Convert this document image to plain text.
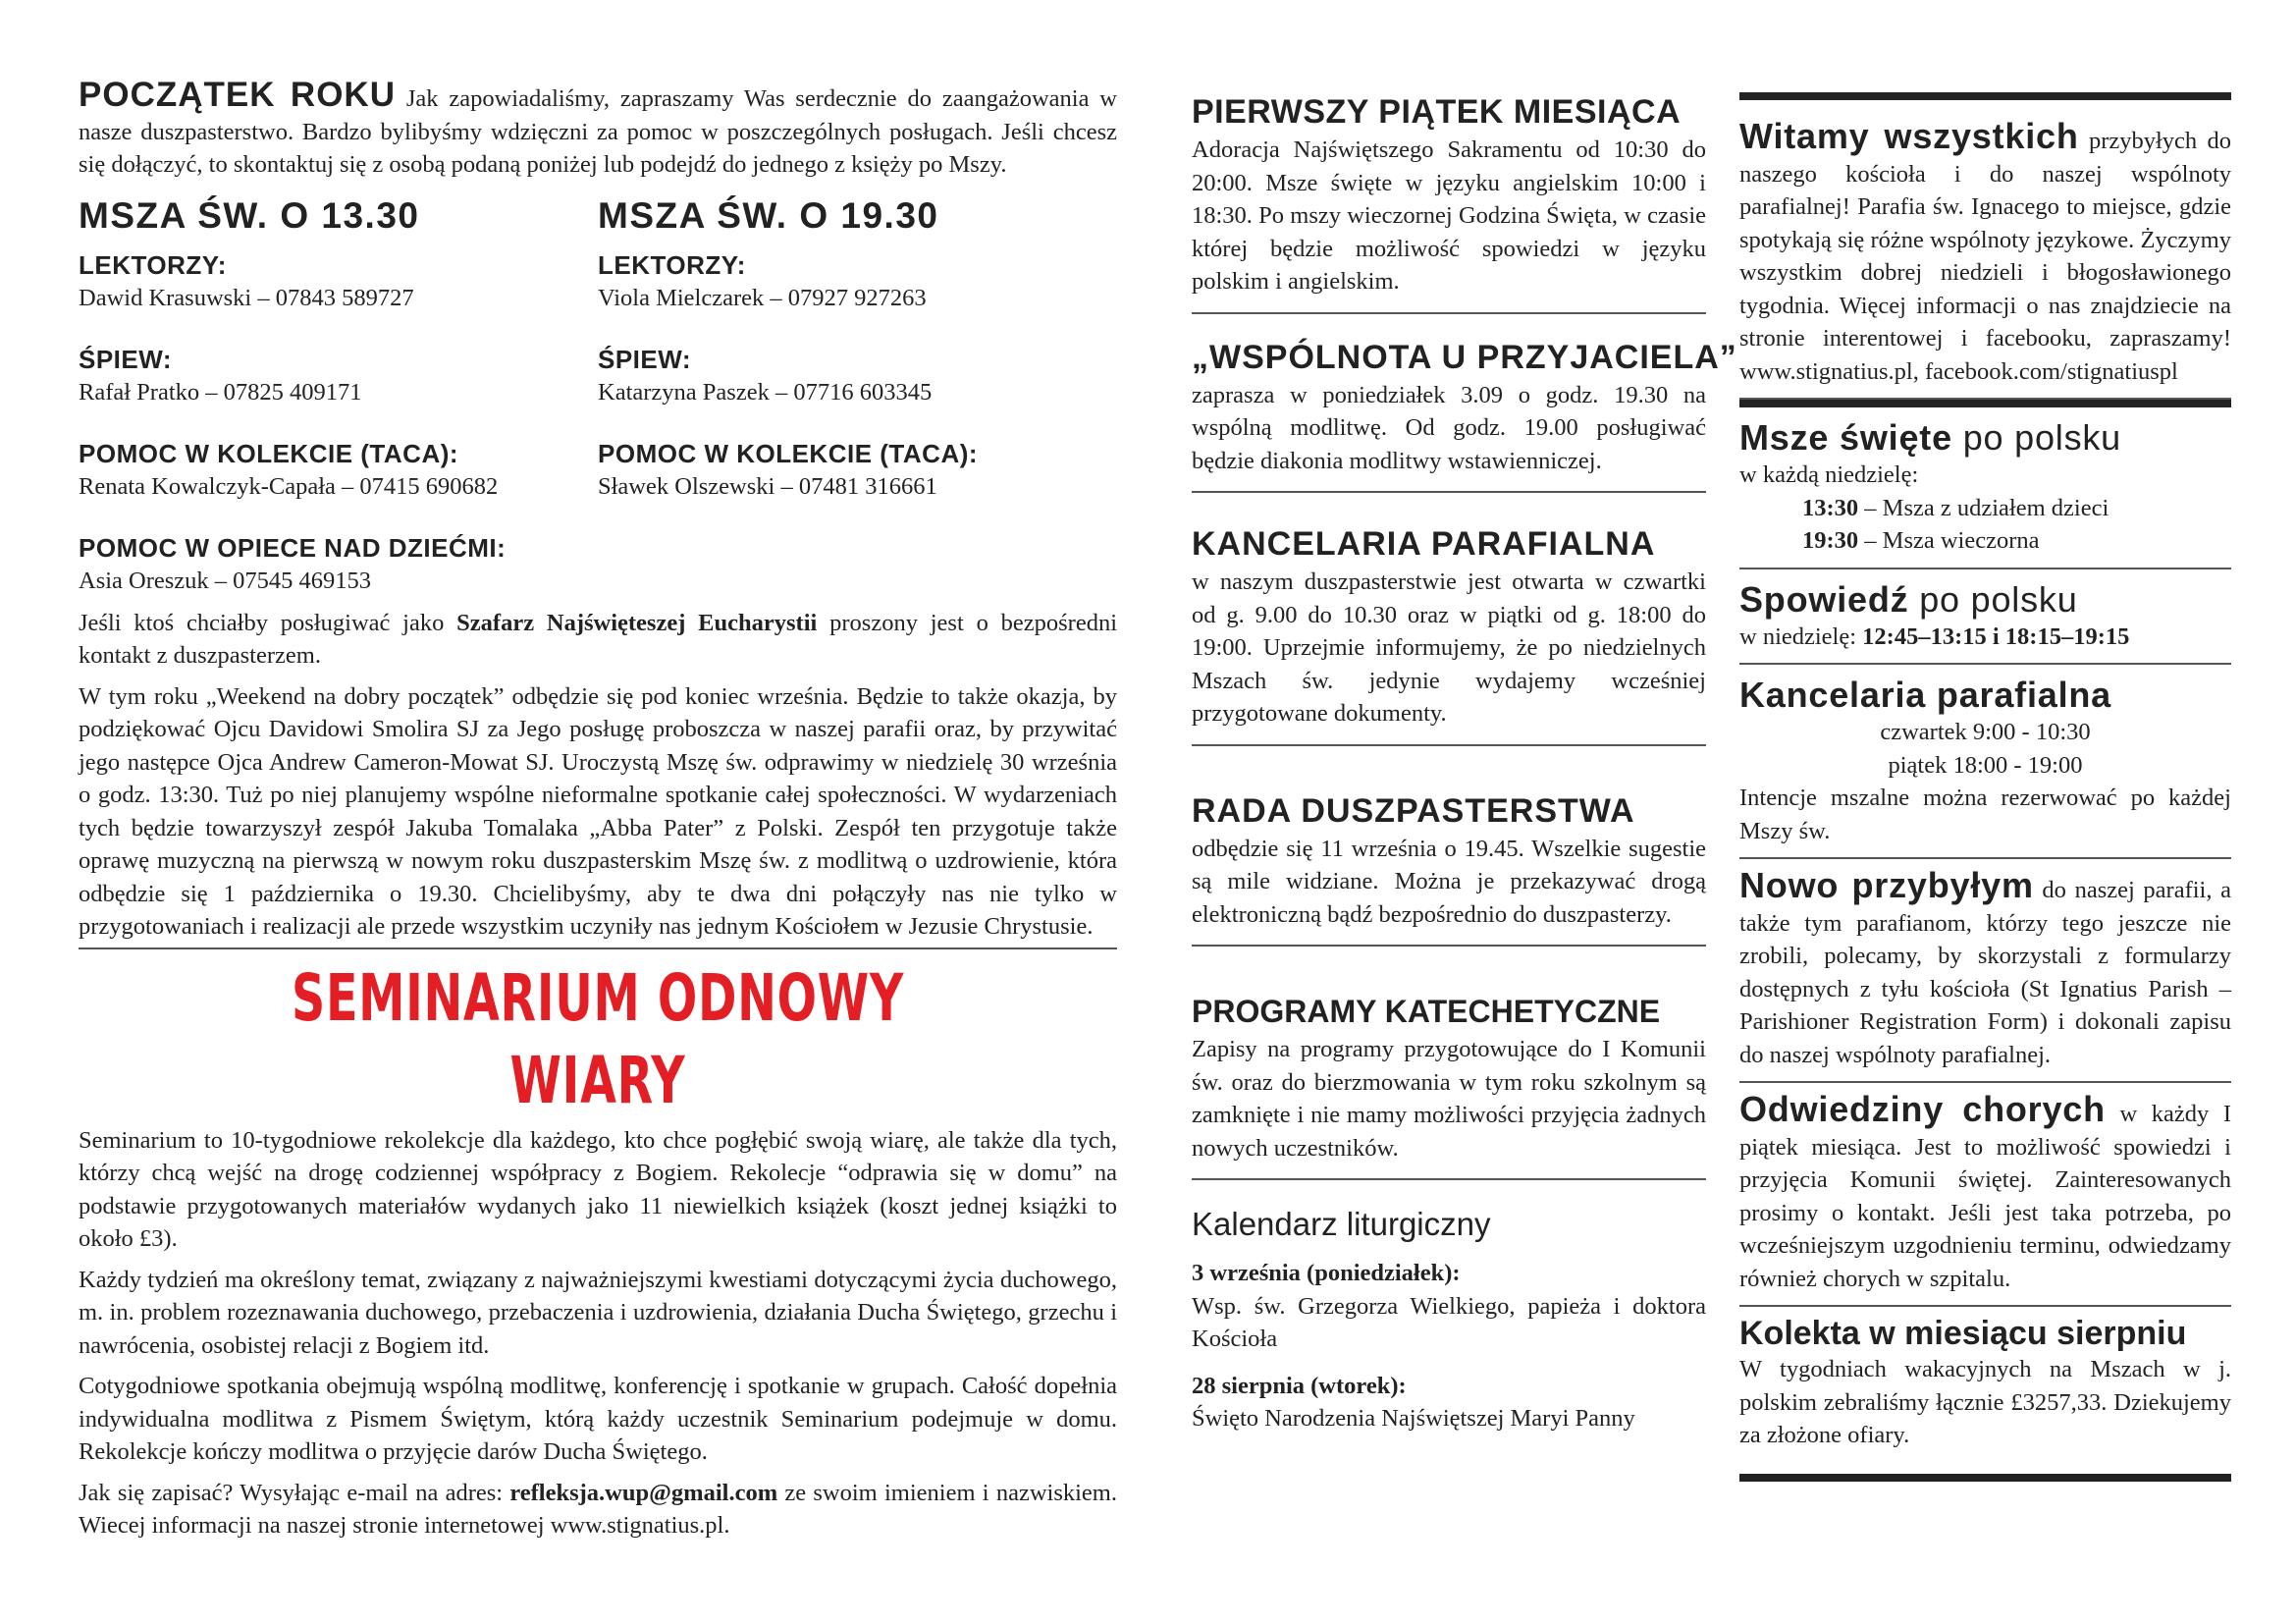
POCZĄTEK ROKU Jak zapowiadaliśmy, zapraszamy Was serdecznie do zaangażowania w nasze duszpasterstwo. Bardzo bylibyśmy wdzięczni za pomoc w poszczególnych posługach. Jeśli chcesz się dołączyć, to skontaktuj się z osobą podaną poniżej lub podejdź do jednego z księży po Mszy.

MSZA ŚW. O 13.30
LEKTORZY:
Dawid Krasuwski – 07843 589727
ŚPIEW:
Rafał Pratko – 07825 409171
POMOC W KOLEKCIE (TACA):
Renata Kowalczyk-Capała – 07415 690682
POMOC W OPIECE NAD DZIEĆMI:
Asia Oreszuk – 07545 469153
MSZA ŚW. O 19.30
LEKTORZY:
Viola Mielczarek – 07927 927263
ŚPIEW:
Katarzyna Paszek – 07716 603345
POMOC W KOLEKCIE (TACA):
Sławek Olszewski – 07481 316661

Jeśli ktoś chciałby posługiwać jako Szafarz Najświęteszej Eucharystii proszony jest o bezpośredni kontakt z duszpasterzem.

W tym roku „Weekend na dobry początek” odbędzie się pod koniec września. Będzie to także okazja, by podziękować Ojcu Davidowi Smolira SJ za Jego posługę proboszcza w naszej parafii oraz, by przywitać jego następce Ojca Andrew Cameron-Mowat SJ. Uroczystą Mszę św. odprawimy w niedzielę 30 września o godz. 13:30. Tuż po niej planujemy wspólne nieformalne spotkanie całej społeczności. W wydarzeniach tych będzie towarzyszył zespół Jakuba Tomalaka „Abba Pater” z Polski. Zespół ten przygotuje także oprawę muzyczną na pierwszą w nowym roku duszpasterskim Mszę św. z modlitwą o uzdrowienie, która odbędzie się 1 października o 19.30. Chcielibyśmy, aby te dwa dni połączyły nas nie tylko w przygotowaniach i realizacji ale przede wszystkim uczyniły nas jednym Kościołem w Jezusie Chrystusie.

SEMINARIUM ODNOWY WIARY

Seminarium to 10-tygodniowe rekolekcje dla każdego, kto chce pogłębić swoją wiarę, ale także dla tych, którzy chcą wejść na drogę codziennej współpracy z Bogiem. Rekolecje “odprawia się w domu” na podstawie przygotowanych materiałów wydanych jako 11 niewielkich książek (koszt jednej książki to około £3).

Każdy tydzień ma określony temat, związany z najważniejszymi kwestiami dotyczącymi życia duchowego, m. in. problem rozeznawania duchowego, przebaczenia i uzdrowienia, działania Ducha Świętego, grzechu i nawrócenia, osobistej relacji z Bogiem itd.

Cotygodniowe spotkania obejmują wspólną modlitwę, konferencję i spotkanie w grupach. Całość dopełnia indywidualna modlitwa z Pismem Świętym, którą każdy uczestnik Seminarium podejmuje w domu. Rekolekcje kończy modlitwa o przyjęcie darów Ducha Świętego.

Jak się zapisać? Wysyłając e-mail na adres: refleksja.wup@gmail.com ze swoim imieniem i nazwiskiem. Wiecej informacji na naszej stronie internetowej www.stignatius.pl.

PIERWSZY PIĄTEK MIESIĄCA

Adoracja Najświętszego Sakramentu od 10:30 do 20:00. Msze święte w języku angielskim 10:00 i 18:30. Po mszy wieczornej Godzina Święta, w czasie której będzie możliwość spowiedzi w języku polskim i angielskim.

„WSPÓLNOTA U PRZYJACIELA”

zaprasza w poniedziałek 3.09 o godz. 19.30 na wspólną modlitwę. Od godz. 19.00 posługiwać będzie diakonia modlitwy wstawienniczej.

KANCELARIA PARAFIALNA

w naszym duszpasterstwie jest otwarta w czwartki od g. 9.00 do 10.30 oraz w piątki od g. 18:00 do 19:00. Uprzejmie informujemy, że po niedzielnych Mszach św. jedynie wydajemy wcześniej przygotowane dokumenty.

RADA DUSZPASTERSTWA

odbędzie się 11 września o 19.45. Wszelkie sugestie są mile widziane. Można je przekazywać drogą elektroniczną bądź bezpośrednio do duszpasterzy.

PROGRAMY KATECHETYCZNE

Zapisy na programy przygotowujące do I Komunii św. oraz do bierzmowania w tym roku szkolnym są zamknięte i nie mamy możliwości przyjęcia żadnych nowych uczestników.

Kalendarz liturgiczny

3 września (poniedziałek):

Wsp. św. Grzegorza Wielkiego, papieża i doktora Kościoła

28 sierpnia (wtorek):

Święto Narodzenia Najświętszej Maryi Panny

Witamy wszystkich przybyłych do naszego kościoła i do naszej wspólnoty parafialnej! Parafia św. Ignacego to miejsce, gdzie spotykają się różne wspólnoty językowe. Życzymy wszystkim dobrej niedzieli i błogosławionego tygodnia. Więcej informacji o nas znajdziecie na stronie interentowej i facebooku, zapraszamy! www.stignatius.pl, facebook.com/stignatiuspl

Msze święte po polsku

w każdą niedzielę:

13:30 – Msza z udziałem dzieci

19:30 – Msza wieczorna

Spowiedź po polsku

w niedzielę: 12:45–13:15 i 18:15–19:15

Kancelaria parafialna

czwartek 9:00 - 10:30

piątek 18:00 - 19:00

Intencje mszalne można rezerwować po każdej Mszy św.

Nowo przybyłym do naszej parafii, a także tym parafianom, którzy tego jeszcze nie zrobili, polecamy, by skorzystali z formularzy dostępnych z tyłu kościoła (St Ignatius Parish – Parishioner Registration Form) i dokonali zapisu do naszej wspólnoty parafialnej.

Odwiedziny chorych w każdy I piątek miesiąca. Jest to możliwość spowiedzi i przyjęcia Komunii świętej. Zainteresowanych prosimy o kontakt. Jeśli jest taka potrzeba, po wcześniejszym uzgodnieniu terminu, odwiedzamy również chorych w szpitalu.

Kolekta w miesiącu sierpniu

W tygodniach wakacyjnych na Mszach w j. polskim zebraliśmy łącznie £3257,33. Dziekujemy za złożone ofiary.
